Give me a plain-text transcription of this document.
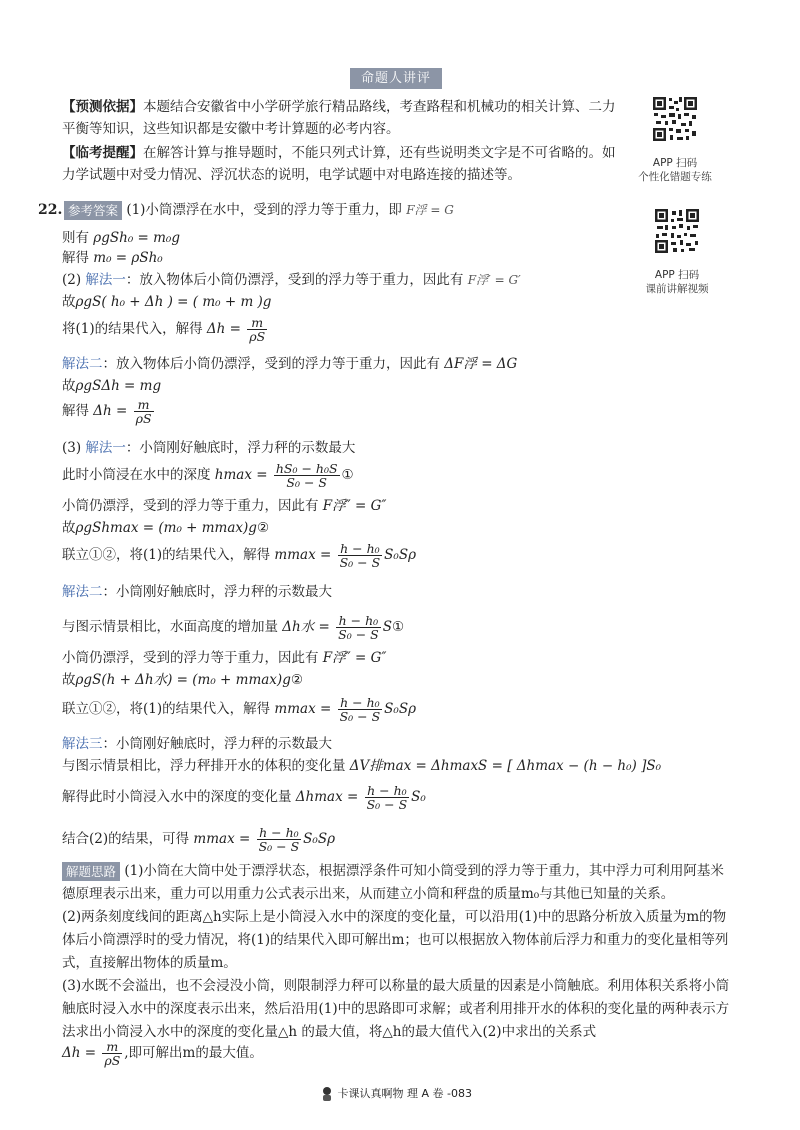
命题人讲评
【预测依据】本题结合安徽省中小学研学旅行精品路线，考查路程和机械功的相关计算、二力平衡等知识，这些知识都是安徽中考计算题的必考内容。
【临考提醒】在解答计算与推导题时，不能只列式计算，还有些说明类文字是不可省略的。如力学试题中对受力情况、浮沉状态的说明，电学试题中对电路连接的描述等。
APP 扫码
个性化错题专练
APP 扫码
课前讲解视频
22. 参考答案 (1)小筒漂浮在水中，受到的浮力等于重力，即 F浮 = G
则有 ρgSh₀ = m₀g
解得 m₀ = ρSh₀
(2) 解法一：放入物体后小筒仍漂浮，受到的浮力等于重力，因此有 F浮′ = G′
故ρgS( h₀ + Δh ) = ( m₀ + m )g
将(1)的结果代入，解得 $\Delta h = \frac{m}{\rho S}$
解法二：放入物体后小筒仍漂浮，受到的浮力等于重力，因此有 ΔF浮 = ΔG
故ρgSΔh = mg
解得 $\Delta h = \frac{m}{\rho S}$
(3) 解法一：小筒刚好触底时，浮力秤的示数最大
此时小筒浸在水中的深度 $hmax = \frac{\text{hS₀ − h₀S}}{\text{S₀ − S}}$ ①
小筒仍漂浮，受到的浮力等于重力，因此有 F浮″ = G″
故ρgShmax = (m₀ + mmax)g②
联立①②，将(1)的结果代入，解得 $mmax = \frac{\text{h − h₀}}{\text{S₀ − S}} S_0S\rho$
解法二：小筒刚好触底时，浮力秤的示数最大
与图示情景相比，水面高度的增加量 Δh水 = $\frac{\text{h − h₀}}{\text{S₀ − S}}$ S①
小筒仍漂浮，受到的浮力等于重力，因此有 F浮″ = G″
故ρgS(h + Δh水) = (m₀ + mmax)g②
联立①②，将(1)的结果代入，解得 $mmax = \frac{\text{h − h₀}}{\text{S₀ − S}} S_0S\rho$
解法三：小筒刚好触底时，浮力秤的示数最大
与图示情景相比，浮力秤排开水的体积的变化量 ΔV排max = ΔhmaxS = [ Δhmax − (h − h₀) ]S₀
解得此时小筒浸入水中的深度的变化量 $\Delta hmax = \frac{\text{h − h₀}}{\text{S₀ − S}} S_0$
结合(2)的结果，可得 $mmax = \frac{\text{h − h₀}}{\text{S₀ − S}} S_0S\rho$
解题思路 (1)小筒在大筒中处于漂浮状态，根据漂浮条件可知小筒受到的浮力等于重力，其中浮力可利用阿基米德原理表示出来，重力可以用重力公式表示出来，从而建立小筒和秤盘的质量m₀与其他已知量的关系。
(2)两条刻度线间的距离△h实际上是小筒浸入水中的深度的变化量，可以沿用(1)中的思路分析放入质量为m的物体后小筒漂浮时的受力情况，将(1)的结果代入即可解出m；也可以根据放入物体前后浮力和重力的变化量相等列式，直接解出物体的质量m。
(3)水既不会溢出，也不会浸没小筒，则限制浮力秤可以称量的最大质量的因素是小筒触底。利用体积关系将小筒触底时浸入水中的深度表示出来，然后沿用(1)中的思路即可求解；或者利用排开水的体积的变化量的两种表示方法求出小筒浸入水中的深度的变化量△h 的最大值，将△h的最大值代入(2)中求出的关系式
$\Delta h = \frac{m}{\rho S}$ ,即可解出m的最大值。
卡课认真啊物 理 A 卷 -083
